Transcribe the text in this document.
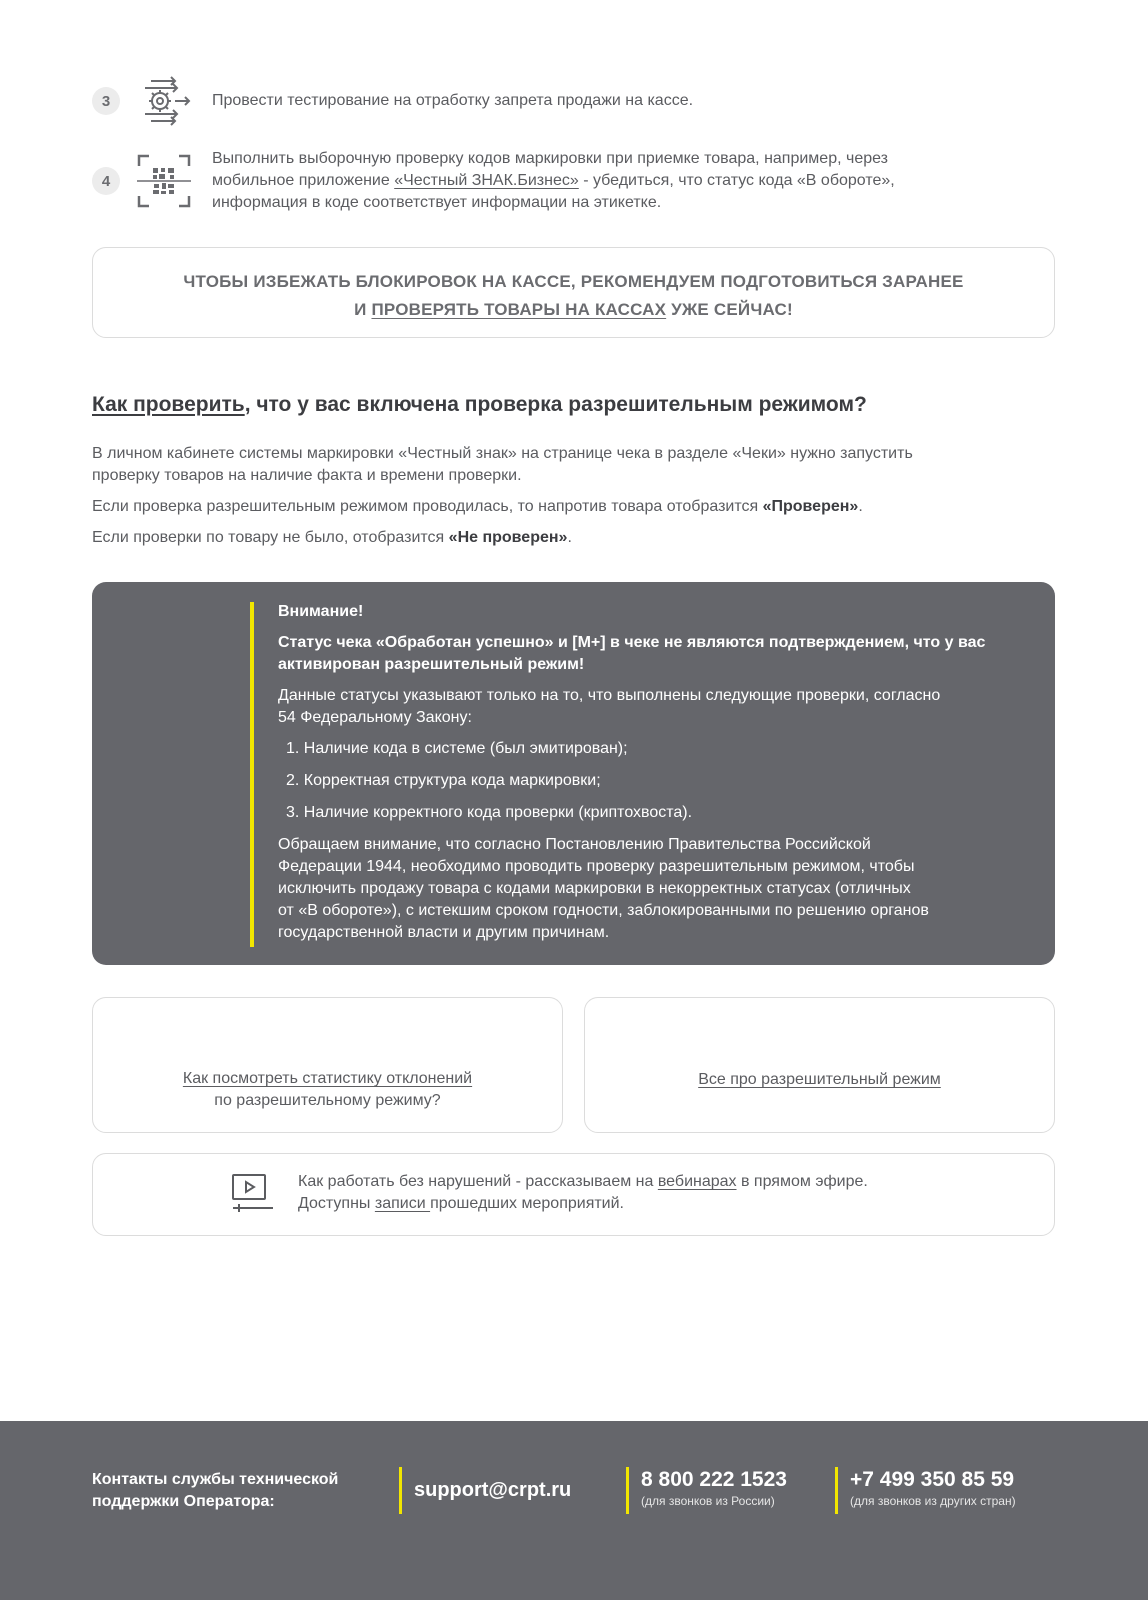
3	Провести тестирование на отработку запрета продажи на кассе.
4
Выполнить выборочную проверку кодов маркировки при приемке товара, например, через
мобильное приложение «Честный ЗНАК.Бизнес» - убедиться, что статус кода «В обороте»,
информация в коде соответствует информации на этикетке.
ЧТОБЫ ИЗБЕЖАТЬ БЛОКИРОВОК НА КАССЕ, РЕКОМЕНДУЕМ ПОДГОТОВИТЬСЯ ЗАРАНЕЕ
И ПРОВЕРЯТЬ ТОВАРЫ НА КАССАХ УЖЕ СЕЙЧАС!
Как проверить, что у вас включена проверка разрешительным режимом?
В личном кабинете системы маркировки «Честный знак» на странице чека в разделе «Чеки» нужно запустить
проверку товаров на наличие факта и времени проверки.
Если проверка разрешительным режимом проводилась, то напротив товара отобразится «Проверен».
Если проверки по товару не было, отобразится «Не проверен».
Внимание!
Статус чека «Обработан успешно» и [М+] в чеке не являются подтверждением, что у вас
активирован разрешительный режим!
Данные статусы указывают только на то, что выполнены следующие проверки, согласно
54 Федеральному Закону:
1. Наличие кода в системе (был эмитирован);
2. Корректная структура кода маркировки;
3. Наличие корректного кода проверки (криптохвоста).
Обращаем внимание, что согласно Постановлению Правительства Российской
Федерации 1944, необходимо проводить проверку разрешительным режимом, чтобы
исключить продажу товара с кодами маркировки в некорректных статусах (отличных
от «В обороте»), с истекшим сроком годности, заблокированными по решению органов
государственной власти и другим причинам.
Как посмотреть статистику отклонений
по разрешительному режиму?
Все про разрешительный режим
Как работать без нарушений - рассказываем на вебинарах в прямом эфире.
Доступны записи прошедших мероприятий.
Контакты службы технической
поддержки Оператора:
support@crpt.ru	8 800 222 1523
(для звонков из России)
+7 499 350 85 59
(для звонков из других стран)
